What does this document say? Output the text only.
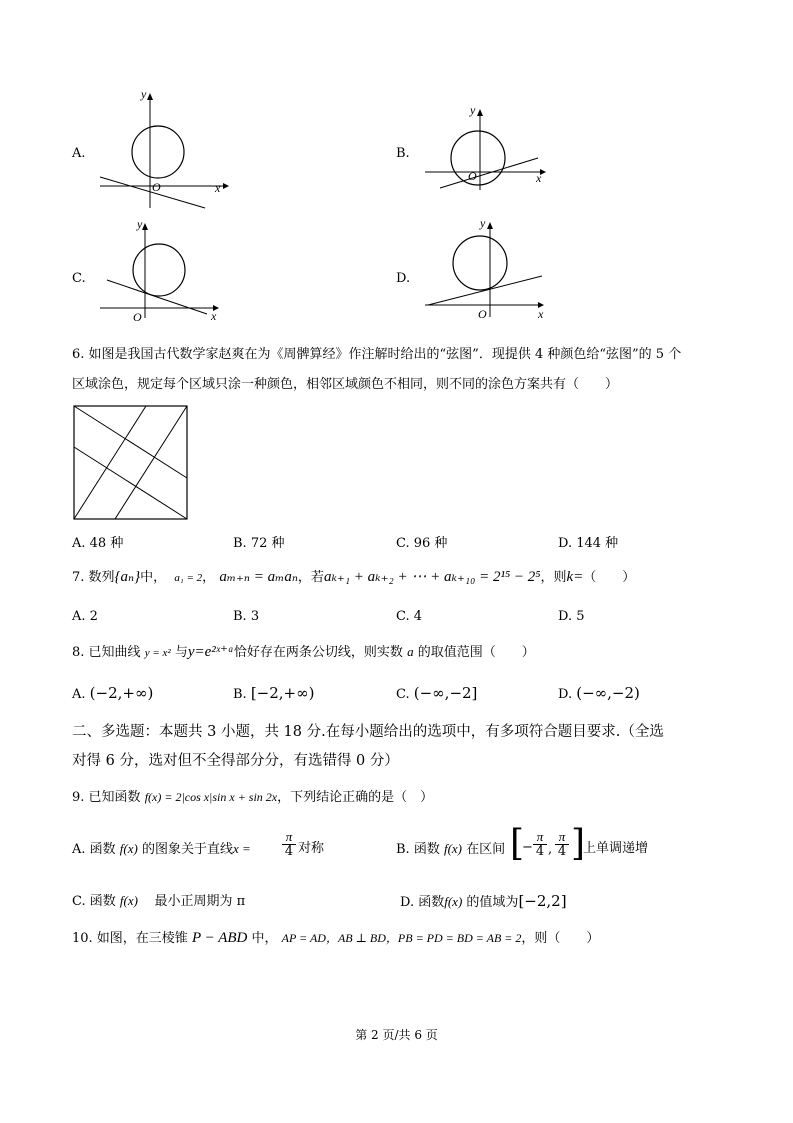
A.
y
x
O
B.
y
x
O
C.
y
x
O
D.
y
x
O
6. 如图是我国古代数学家赵爽在为《周髀算经》作注解时给出的“弦图”．现提供 4 种颜色给“弦图”的 5 个
区域涂色，规定每个区域只涂一种颜色，相邻区域颜色不相同，则不同的涂色方案共有（　　）
A. 48 种	B. 72 种	C. 96 种	D. 144 种
7. 数列{aₙ}中， a₁ = 2， aₘ₊ₙ = aₘaₙ，若aₖ₊₁ + aₖ₊₂ + ⋯ + aₖ₊₁₀ = 2¹⁵ − 2⁵，则k=（　　）
A. 2	B. 3	C. 4	D. 5
8. 已知曲线 y = x² 与y=e²ˣ⁺ᵃ恰好存在两条公切线，则实数 a 的取值范围（　　）
A. (−2,+∞)	B. [−2,+∞)	C. (−∞,−2]	D. (−∞,−2)
二、多选题：本题共 3 小题，共 18 分.在每小题给出的选项中，有多项符合题目要求.（全选
对得 6 分，选对但不全得部分分，有选错得 0 分）
9. 已知函数 f(x) = 2|cos x|sin x + sin 2x，下列结论正确的是（　）
A. 函数 f(x) 的图象关于直线x =
π
4 对称	B. 函数 f(x) 在区间 [
−
π
4 ,
π
4 ]
上单调递增
C. 函数 f(x) 最小正周期为 π	D. 函数f(x) 的值域为[−2,2]
10. 如图，在三棱锥 P − ABD 中， AP = AD，AB ⊥ BD，PB = PD = BD = AB = 2，则（　　）
第 2 页/共 6 页
